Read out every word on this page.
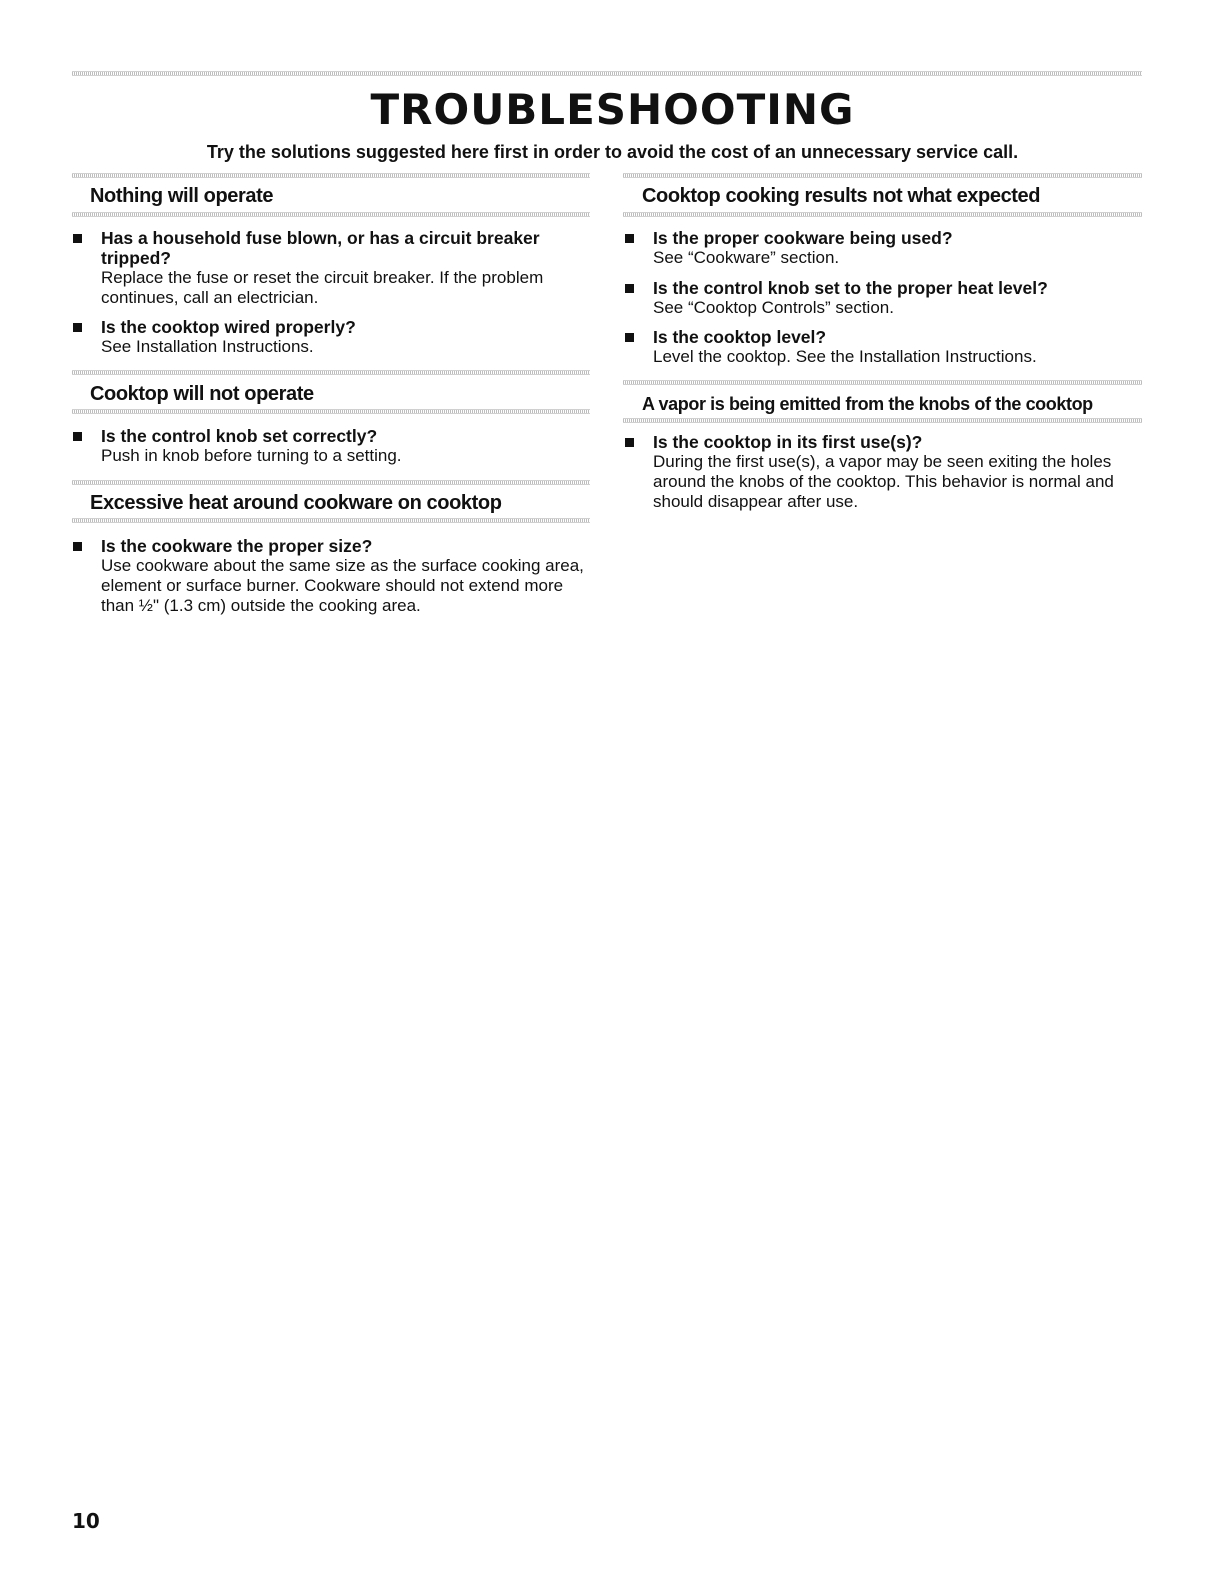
TROUBLESHOOTING

Try the solutions suggested here first in order to avoid the cost of an unnecessary service call.

Nothing will operate

Has a household fuse blown, or has a circuit breaker tripped?

Replace the fuse or reset the circuit breaker. If the problem continues, call an electrician.

Is the cooktop wired properly?

See Installation Instructions.

Cooktop will not operate

Is the control knob set correctly?

Push in knob before turning to a setting.

Excessive heat around cookware on cooktop

Is the cookware the proper size?

Use cookware about the same size as the surface cooking area, element or surface burner. Cookware should not extend more than ½" (1.3 cm) outside the cooking area.

Cooktop cooking results not what expected

Is the proper cookware being used?

See “Cookware” section.

Is the control knob set to the proper heat level?

See “Cooktop Controls” section.

Is the cooktop level?

Level the cooktop. See the Installation Instructions.

A vapor is being emitted from the knobs of the cooktop

Is the cooktop in its first use(s)?

During the first use(s), a vapor may be seen exiting the holes around the knobs of the cooktop. This behavior is normal and should disappear after use.

10
